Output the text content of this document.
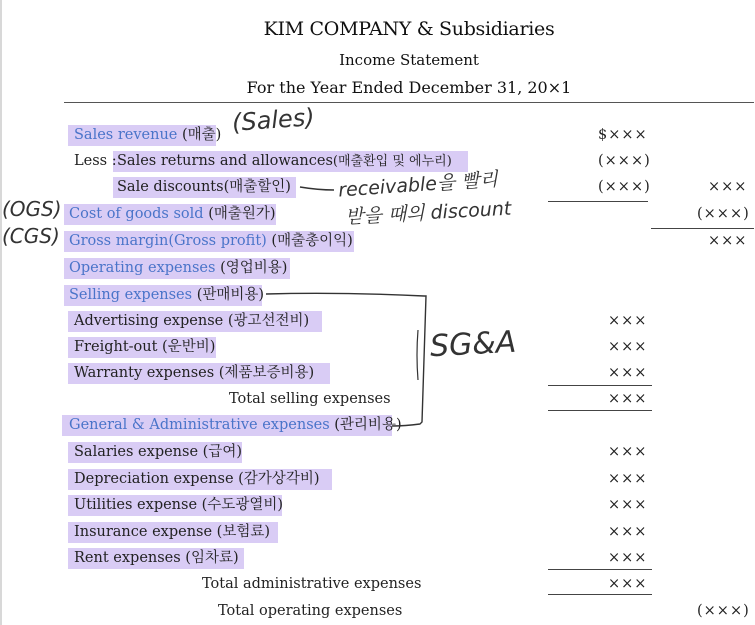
KIM COMPANY & Subsidiaries
Income Statement
For the Year Ended December 31, 20×1
Sales revenue (매출)
Less : Sales returns and allowances(매출환입 및 에누리)
Sale discounts(매출할인)
Cost of goods sold (매출원가)
Gross margin(Gross profit) (매출총이익)
Operating expenses (영업비용)
Selling expenses (판매비용)
Advertising expense (광고선전비)
Freight-out (운반비)
Warranty expenses (제품보증비용)
Total selling expenses
General & Administrative expenses (관리비용)
Salaries expense (급여)
Depreciation expense (감가상각비)
Utilities expense (수도광열비)
Insurance expense (보험료)
Rent expenses (임차료)
Total administrative expenses
Total operating expenses
$×××
(×××)
(×××)
×××
×××
×××
×××
×××
×××
×××
×××
×××
×××
×××
(×××)
×××
(×××)
(Sales)
receivable을 빨리
받을 때의 discount
(OGS)
(CGS)
SG&A
